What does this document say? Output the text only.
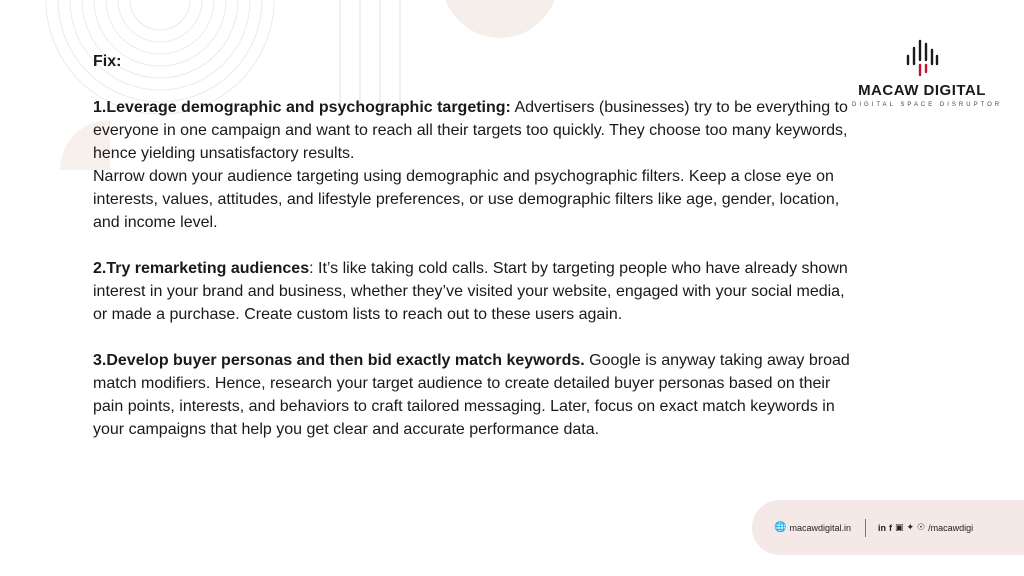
Fix:

1.Leverage demographic and psychographic targeting: Advertisers (businesses) try to be everything to everyone in one campaign and want to reach all their targets too quickly. They choose too many keywords, hence yielding unsatisfactory results.
Narrow down your audience targeting using demographic and psychographic filters. Keep a close eye on interests, values, attitudes, and lifestyle preferences, or use demographic filters like age, gender, location, and income level.

2.Try remarketing audiences: It’s like taking cold calls. Start by targeting people who have already shown interest in your brand and business, whether they’ve visited your website, engaged with your social media, or made a purchase. Create custom lists to reach out to these users again.

3.Develop buyer personas and then bid exactly match keywords. Google is anyway taking away broad match modifiers. Hence, research your target audience to create detailed buyer personas based on their pain points, interests, and behaviors to craft tailored messaging. Later, focus on exact match keywords in your campaigns that help you get clear and accurate performance data.

MACAW DIGITAL
DIGITAL SPACE DISRUPTOR
🌐 macawdigital.in	in f ▣ ✦ ☉ /macawdigi
